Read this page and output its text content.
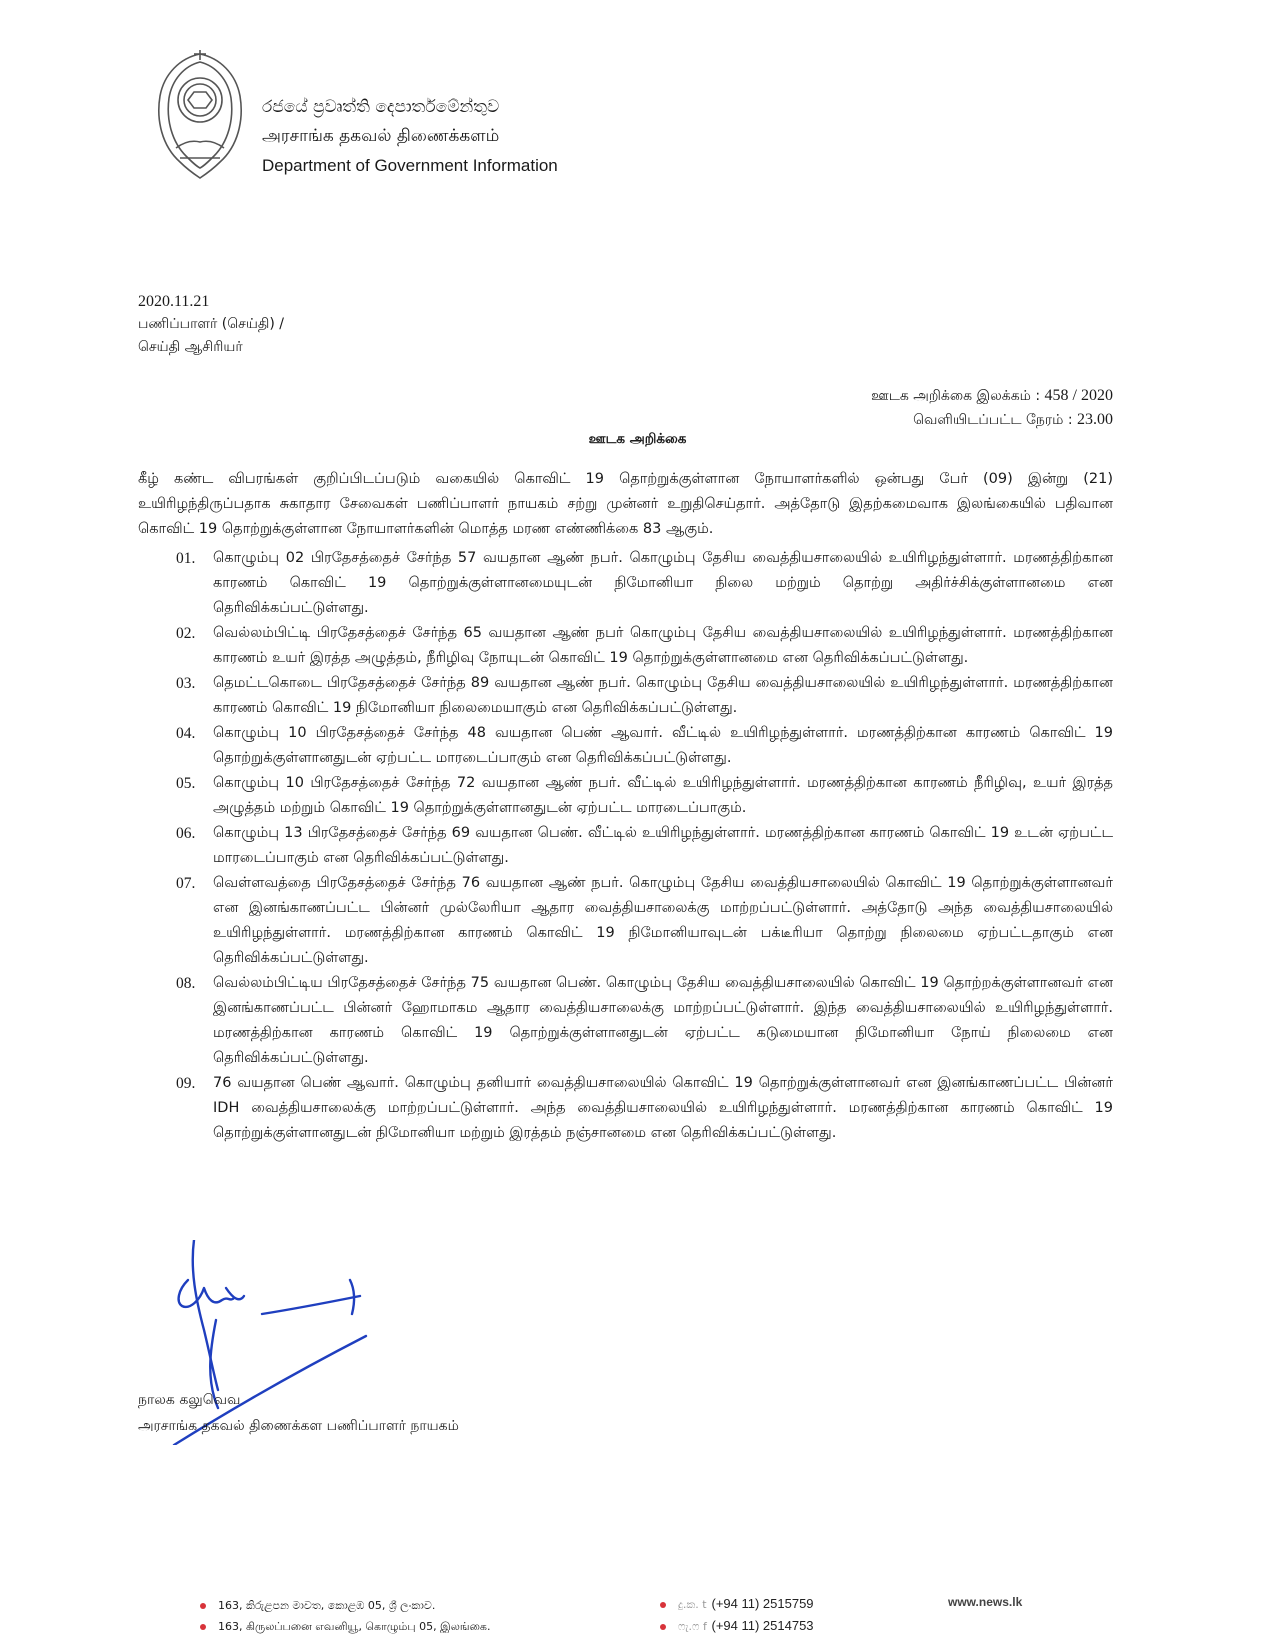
රජයේ ප්‍රවෘත්ති දෙපාර්තමේන්තුව
அரசாங்க தகவல் திணைக்களம்
Department of Government Information
2020.11.21
பணிப்பாளர் (செய்தி) /
செய்தி ஆசிரியர்
ஊடக அறிக்கை இலக்கம் : 458 / 2020
வெளியிடப்பட்ட நேரம் : 23.00
ஊடக அறிக்கை

கீழ் கண்ட விபரங்கள் குறிப்பிடப்படும் வகையில் கொவிட் 19 தொற்றுக்குள்ளான நோயாளர்களில் ஒன்பது பேர் (09) இன்று (21) உயிரிழந்திருப்பதாக சுகாதார சேவைகள் பணிப்பாளர் நாயகம் சற்று முன்னர் உறுதிசெய்தார். அத்தோடு இதற்கமைவாக இலங்கையில் பதிவான கொவிட் 19 தொற்றுக்குள்ளான நோயாளர்களின் மொத்த மரண எண்ணிக்கை 83 ஆகும்.

01. கொழும்பு 02 பிரதேசத்தைச் சேர்ந்த 57 வயதான ஆண் நபர். கொழும்பு தேசிய வைத்தியசாலையில் உயிரிழந்துள்ளார். மரணத்திற்கான காரணம் கொவிட் 19 தொற்றுக்குள்ளானமையுடன் நிமோனியா நிலை மற்றும் தொற்று அதிர்ச்சிக்குள்ளானமை என தெரிவிக்கப்பட்டுள்ளது.
02. வெல்லம்பிட்டி பிரதேசத்தைச் சேர்ந்த 65 வயதான ஆண் நபர் கொழும்பு தேசிய வைத்தியசாலையில் உயிரிழந்துள்ளார். மரணத்திற்கான காரணம் உயர் இரத்த அழுத்தம், நீரிழிவு நோயுடன் கொவிட் 19 தொற்றுக்குள்ளானமை என தெரிவிக்கப்பட்டுள்ளது.
03. தெமட்டகொடை பிரதேசத்தைச் சேர்ந்த 89 வயதான ஆண் நபர். கொழும்பு தேசிய வைத்தியசாலையில் உயிரிழந்துள்ளார். மரணத்திற்கான காரணம் கொவிட் 19 நிமோனியா நிலைமையாகும் என தெரிவிக்கப்பட்டுள்ளது.
04. கொழும்பு 10 பிரதேசத்தைச் சேர்ந்த 48 வயதான பெண் ஆவார். வீட்டில் உயிரிழந்துள்ளார். மரணத்திற்கான காரணம் கொவிட் 19 தொற்றுக்குள்ளானதுடன் ஏற்பட்ட மாரடைப்பாகும் என தெரிவிக்கப்பட்டுள்ளது.
05. கொழும்பு 10 பிரதேசத்தைச் சேர்ந்த 72 வயதான ஆண் நபர். வீட்டில் உயிரிழந்துள்ளார். மரணத்திற்கான காரணம் நீரிழிவு, உயர் இரத்த அழுத்தம் மற்றும் கொவிட் 19 தொற்றுக்குள்ளானதுடன் ஏற்பட்ட மாரடைப்பாகும்.
06. கொழும்பு 13 பிரதேசத்தைச் சேர்ந்த 69 வயதான பெண். வீட்டில் உயிரிழந்துள்ளார். மரணத்திற்கான காரணம் கொவிட் 19 உடன் ஏற்பட்ட மாரடைப்பாகும் என தெரிவிக்கப்பட்டுள்ளது.
07. வெள்ளவத்தை பிரதேசத்தைச் சேர்ந்த 76 வயதான ஆண் நபர். கொழும்பு தேசிய வைத்தியசாலையில் கொவிட் 19 தொற்றுக்குள்ளானவர் என இனங்காணப்பட்ட பின்னர் முல்லேரியா ஆதார வைத்தியசாலைக்கு மாற்றப்பட்டுள்ளார். அத்தோடு அந்த வைத்தியசாலையில் உயிரிழந்துள்ளார். மரணத்திற்கான காரணம் கொவிட் 19 நிமோனியாவுடன் பக்டீரியா தொற்று நிலைமை ஏற்பட்டதாகும் என தெரிவிக்கப்பட்டுள்ளது.
08. வெல்லம்பிட்டிய பிரதேசத்தைச் சேர்ந்த 75 வயதான பெண். கொழும்பு தேசிய வைத்தியசாலையில் கொவிட் 19 தொற்றக்குள்ளானவர் என இனங்காணப்பட்ட பின்னர் ஹோமாகம ஆதார வைத்தியசாலைக்கு மாற்றப்பட்டுள்ளார். இந்த வைத்தியசாலையில் உயிரிழந்துள்ளார். மரணத்திற்கான காரணம் கொவிட் 19 தொற்றுக்குள்ளானதுடன் ஏற்பட்ட கடுமையான நிமோனியா நோய் நிலைமை என தெரிவிக்கப்பட்டுள்ளது.
09. 76 வயதான பெண் ஆவார். கொழும்பு தனியார் வைத்தியசாலையில் கொவிட் 19 தொற்றுக்குள்ளானவர் என இனங்காணப்பட்ட பின்னர் IDH வைத்தியசாலைக்கு மாற்றப்பட்டுள்ளார். அந்த வைத்தியசாலையில் உயிரிழந்துள்ளார். மரணத்திற்கான காரணம் கொவிட் 19 தொற்றுக்குள்ளானதுடன் நிமோனியா மற்றும் இரத்தம் நஞ்சானமை என தெரிவிக்கப்பட்டுள்ளது.
நாலக கலுவெவ
அரசாங்க தகவல் திணைக்கள பணிப்பாளர் நாயகம்
163, කිරුළපන මාවත, කොළඹ 05, ශ්‍රී ලංකාව.
163, கிருலப்பனை எவனியூ, கொழும்பு 05, இலங்கை.
දු.ක. t (+94 11) 2515759
ෆැ.ෆ f (+94 11) 2514753
www.news.lk
